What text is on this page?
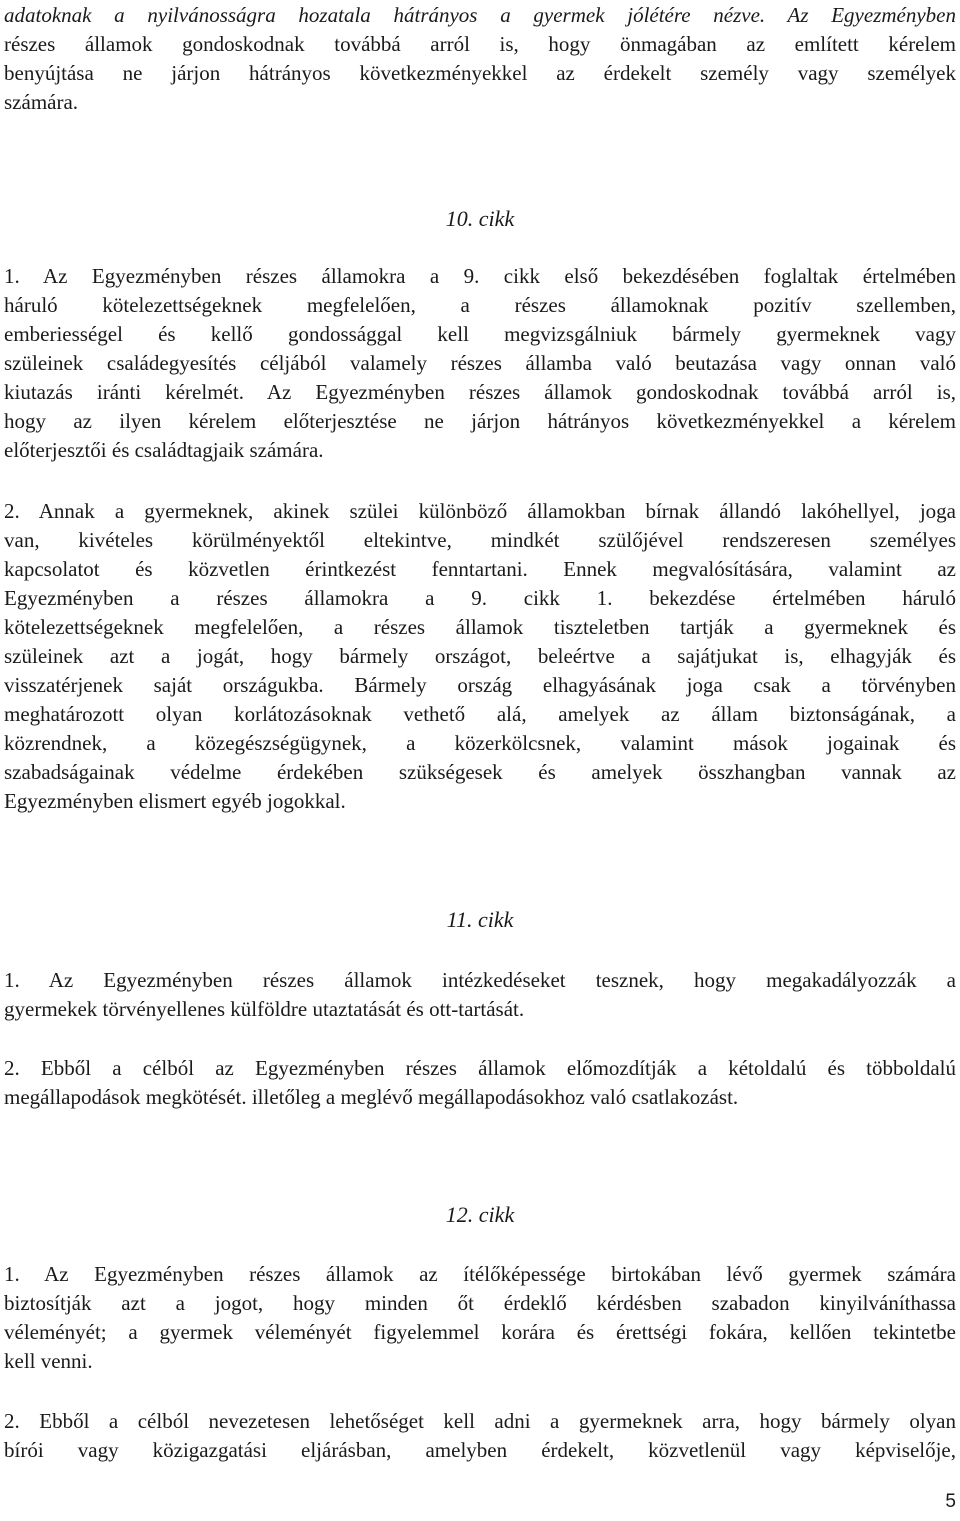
adatoknak a nyilvánosságra hozatala hátrányos a gyermek jólétére nézve. Az Egyezményben
részes államok gondoskodnak továbbá arról is, hogy önmagában az említett kérelem
benyújtása ne járjon hátrányos következményekkel az érdekelt személy vagy személyek
számára.
10. cikk
1. Az Egyezményben részes államokra a 9. cikk első bekezdésében foglaltak értelmében
háruló kötelezettségeknek megfelelően, a részes államoknak pozitív szellemben,
emberiességel és kellő gondossággal kell megvizsgálniuk bármely gyermeknek vagy
szüleinek családegyesítés céljából valamely részes államba való beutazása vagy onnan való
kiutazás iránti kérelmét. Az Egyezményben részes államok gondoskodnak továbbá arról is,
hogy az ilyen kérelem előterjesztése ne járjon hátrányos következményekkel a kérelem
előterjesztői és családtagjaik számára.
2. Annak a gyermeknek, akinek szülei különböző államokban bírnak állandó lakóhellyel, joga
van, kivételes körülményektől eltekintve, mindkét szülőjével rendszeresen személyes
kapcsolatot és közvetlen érintkezést fenntartani. Ennek megvalósítására, valamint az
Egyezményben a részes államokra a 9. cikk 1. bekezdése értelmében háruló
kötelezettségeknek megfelelően, a részes államok tiszteletben tartják a gyermeknek és
szüleinek azt a jogát, hogy bármely országot, beleértve a sajátjukat is, elhagyják és
visszatérjenek saját országukba. Bármely ország elhagyásának joga csak a törvényben
meghatározott olyan korlátozásoknak vethető alá, amelyek az állam biztonságának, a
közrendnek, a közegészségügynek, a közerkölcsnek, valamint mások jogainak és
szabadságainak védelme érdekében szükségesek és amelyek összhangban vannak az
Egyezményben elismert egyéb jogokkal.
11. cikk
1. Az Egyezményben részes államok intézkedéseket tesznek, hogy megakadályozzák a
gyermekek törvényellenes külföldre utaztatását és ott-tartását.
2. Ebből a célból az Egyezményben részes államok előmozdítják a kétoldalú és többoldalú
megállapodások megkötését. illetőleg a meglévő megállapodásokhoz való csatlakozást.
12. cikk
1. Az Egyezményben részes államok az ítélőképessége birtokában lévő gyermek számára
biztosítják azt a jogot, hogy minden őt érdeklő kérdésben szabadon kinyilváníthassa
véleményét; a gyermek véleményét figyelemmel korára és érettségi fokára, kellően tekintetbe
kell venni.
2. Ebből a célból nevezetesen lehetőséget kell adni a gyermeknek arra, hogy bármely olyan
bírói vagy közigazgatási eljárásban, amelyben érdekelt, közvetlenül vagy képviselője,
5
